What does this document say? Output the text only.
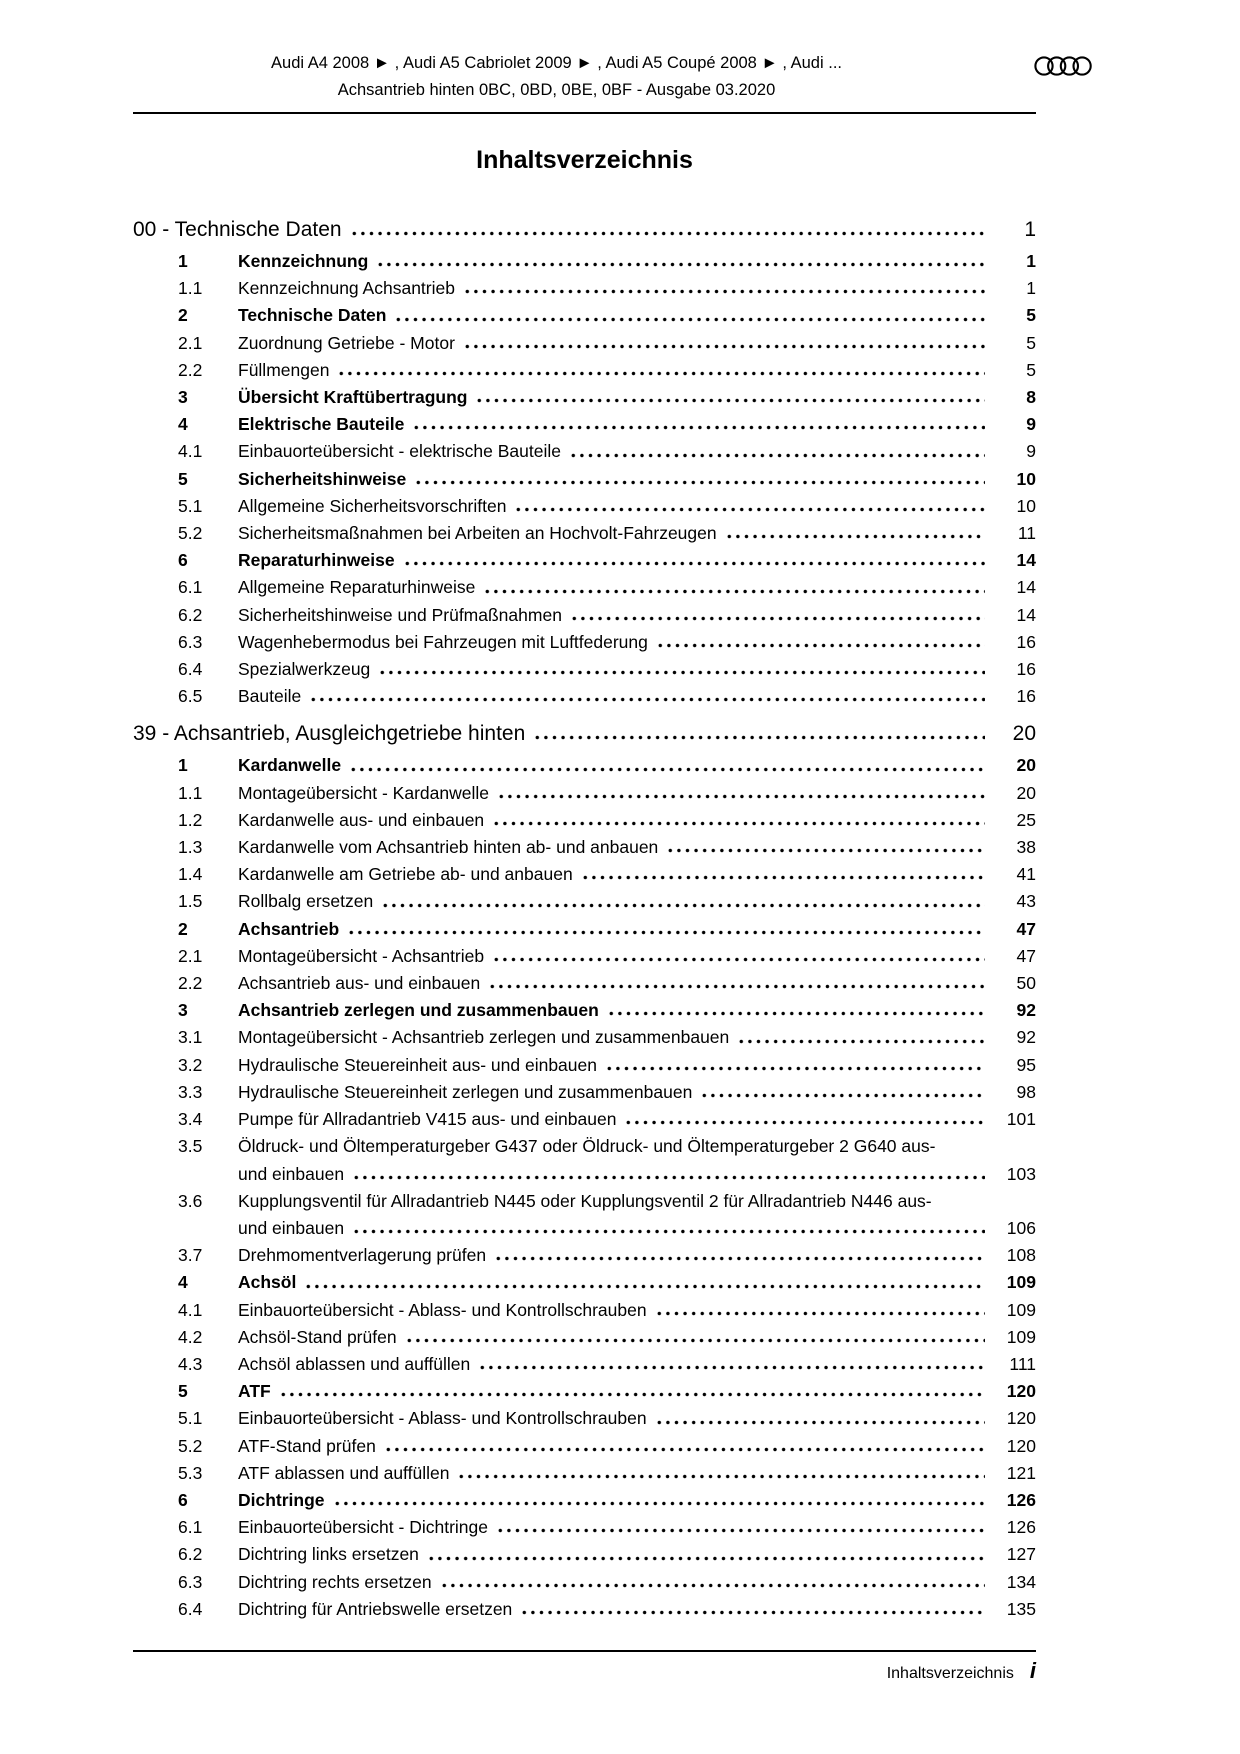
Audi A4 2008 ► , Audi A5 Cabriolet 2009 ► , Audi A5 Coupé 2008 ► , Audi ...
Achsantrieb hinten 0BC, 0BD, 0BE, 0BF - Ausgabe 03.2020
Inhaltsverzeichnis
00 - Technische Daten	1
1	Kennzeichnung	1
1.1	Kennzeichnung Achsantrieb	1
2	Technische Daten	5
2.1	Zuordnung Getriebe - Motor	5
2.2	Füllmengen	5
3	Übersicht Kraftübertragung	8
4	Elektrische Bauteile	9
4.1	Einbauorteübersicht - elektrische Bauteile	9
5	Sicherheitshinweise	10
5.1	Allgemeine Sicherheitsvorschriften	10
5.2	Sicherheitsmaßnahmen bei Arbeiten an Hochvolt-Fahrzeugen	11
6	Reparaturhinweise	14
6.1	Allgemeine Reparaturhinweise	14
6.2	Sicherheitshinweise und Prüfmaßnahmen	14
6.3	Wagenhebermodus bei Fahrzeugen mit Luftfederung	16
6.4	Spezialwerkzeug	16
6.5	Bauteile	16
39 - Achsantrieb, Ausgleichgetriebe hinten	20
1	Kardanwelle	20
1.1	Montageübersicht - Kardanwelle	20
1.2	Kardanwelle aus- und einbauen	25
1.3	Kardanwelle vom Achsantrieb hinten ab- und anbauen	38
1.4	Kardanwelle am Getriebe ab- und anbauen	41
1.5	Rollbalg ersetzen	43
2	Achsantrieb	47
2.1	Montageübersicht - Achsantrieb	47
2.2	Achsantrieb aus- und einbauen	50
3	Achsantrieb zerlegen und zusammenbauen	92
3.1	Montageübersicht - Achsantrieb zerlegen und zusammenbauen	92
3.2	Hydraulische Steuereinheit aus- und einbauen	95
3.3	Hydraulische Steuereinheit zerlegen und zusammenbauen	98
3.4	Pumpe für Allradantrieb V415 aus- und einbauen	101
3.5	Öldruck- und Öltemperaturgeber G437 oder Öldruck- und Öltemperaturgeber 2 G640 aus-
und einbauen	103
3.6	Kupplungsventil für Allradantrieb N445 oder Kupplungsventil 2 für Allradantrieb N446 aus-
und einbauen	106
3.7	Drehmomentverlagerung prüfen	108
4	Achsöl	109
4.1	Einbauorteübersicht - Ablass- und Kontrollschrauben	109
4.2	Achsöl-Stand prüfen	109
4.3	Achsöl ablassen und auffüllen	111
5	ATF	120
5.1	Einbauorteübersicht - Ablass- und Kontrollschrauben	120
5.2	ATF-Stand prüfen	120
5.3	ATF ablassen und auffüllen	121
6	Dichtringe	126
6.1	Einbauorteübersicht - Dichtringe	126
6.2	Dichtring links ersetzen	127
6.3	Dichtring rechts ersetzen	134
6.4	Dichtring für Antriebswelle ersetzen	135
Inhaltsverzeichnis i
